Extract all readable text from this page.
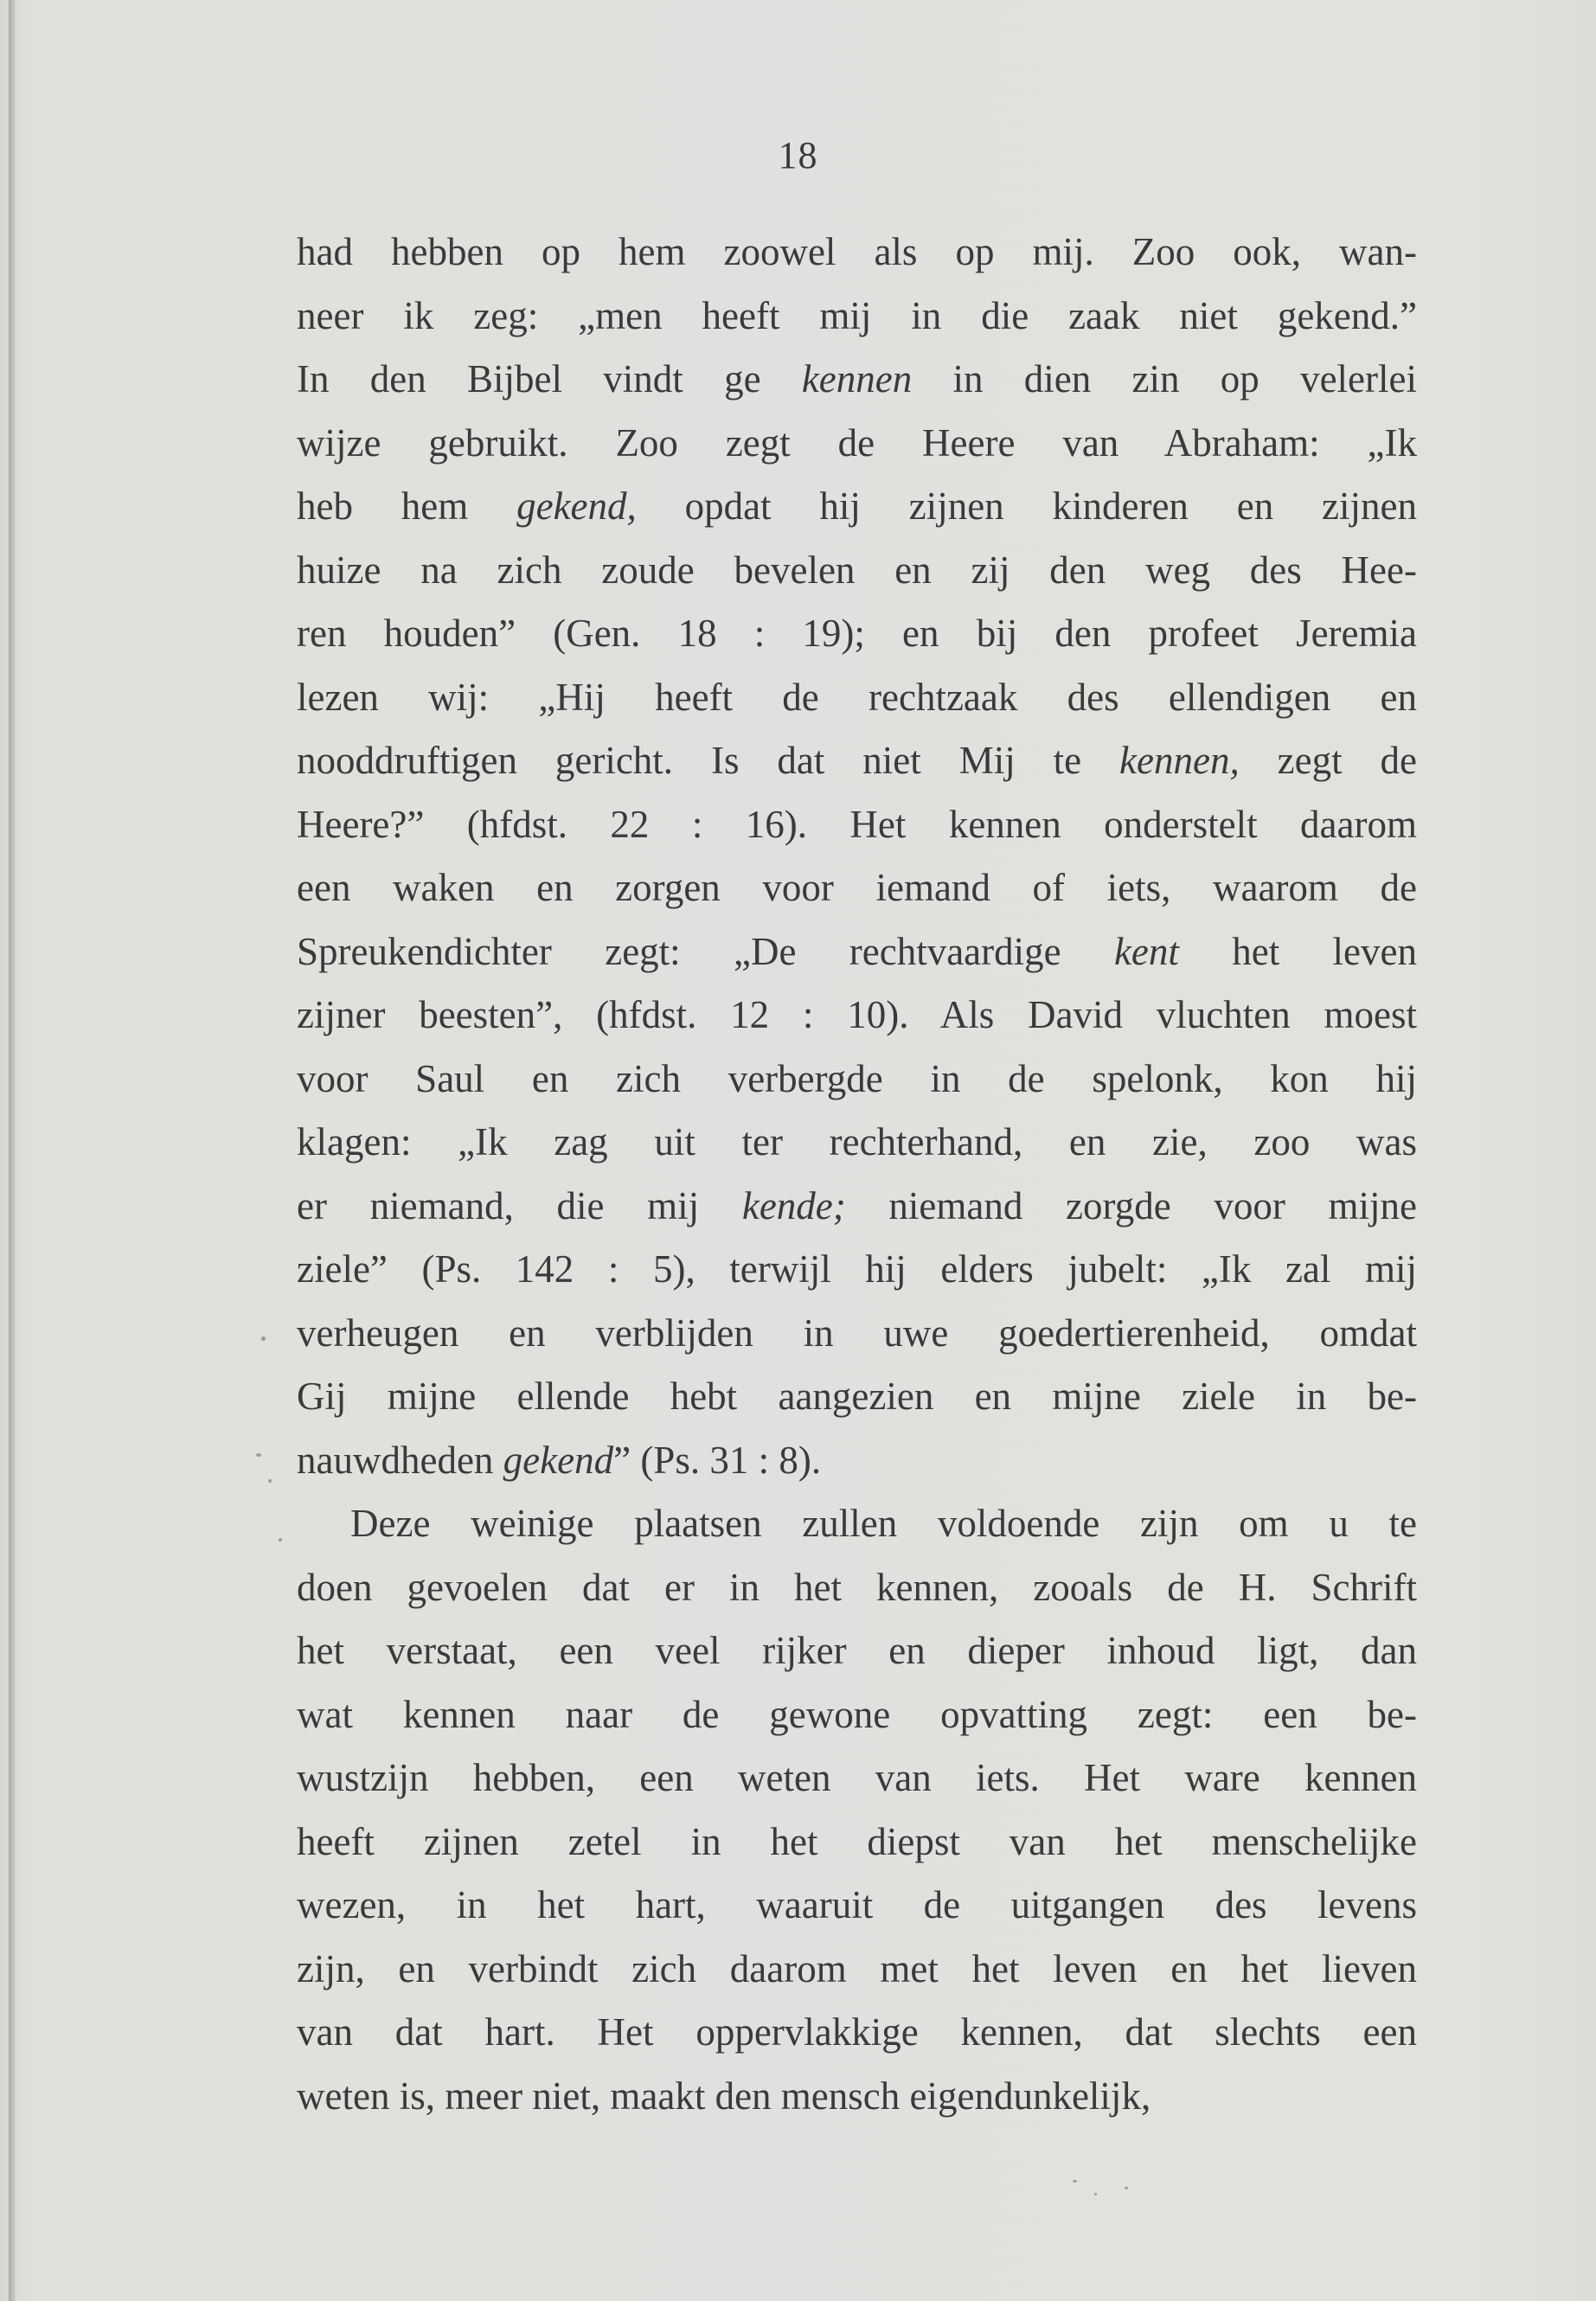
18
had hebben op hem zoowel als op mij. Zoo ook, wan-
neer ik zeg: „men heeft mij in die zaak niet gekend.”
In den Bijbel vindt ge kennen in dien zin op velerlei
wijze gebruikt. Zoo zegt de Heere van Abraham: „Ik
heb hem gekend, opdat hij zijnen kinderen en zijnen
huize na zich zoude bevelen en zij den weg des Hee-
ren houden” (Gen. 18 : 19); en bij den profeet Jeremia
lezen wij: „Hij heeft de rechtzaak des ellendigen en
nooddruftigen gericht. Is dat niet Mij te kennen, zegt de
Heere?” (hfdst. 22 : 16). Het kennen onderstelt daarom
een waken en zorgen voor iemand of iets, waarom de
Spreukendichter zegt: „De rechtvaardige kent het leven
zijner beesten”, (hfdst. 12 : 10). Als David vluchten moest
voor Saul en zich verbergde in de spelonk, kon hij
klagen: „Ik zag uit ter rechterhand, en zie, zoo was
er niemand, die mij kende; niemand zorgde voor mijne
ziele” (Ps. 142 : 5), terwijl hij elders jubelt: „Ik zal mij
verheugen en verblijden in uwe goedertierenheid, omdat
Gij mijne ellende hebt aangezien en mijne ziele in be-
nauwdheden gekend” (Ps. 31 : 8).
Deze weinige plaatsen zullen voldoende zijn om u te
doen gevoelen dat er in het kennen, zooals de H. Schrift
het verstaat, een veel rijker en dieper inhoud ligt, dan
wat kennen naar de gewone opvatting zegt: een be-
wustzijn hebben, een weten van iets. Het ware kennen
heeft zijnen zetel in het diepst van het menschelijke
wezen, in het hart, waaruit de uitgangen des levens
zijn, en verbindt zich daarom met het leven en het lieven
van dat hart. Het oppervlakkige kennen, dat slechts een
weten is, meer niet, maakt den mensch eigendunkelijk,
